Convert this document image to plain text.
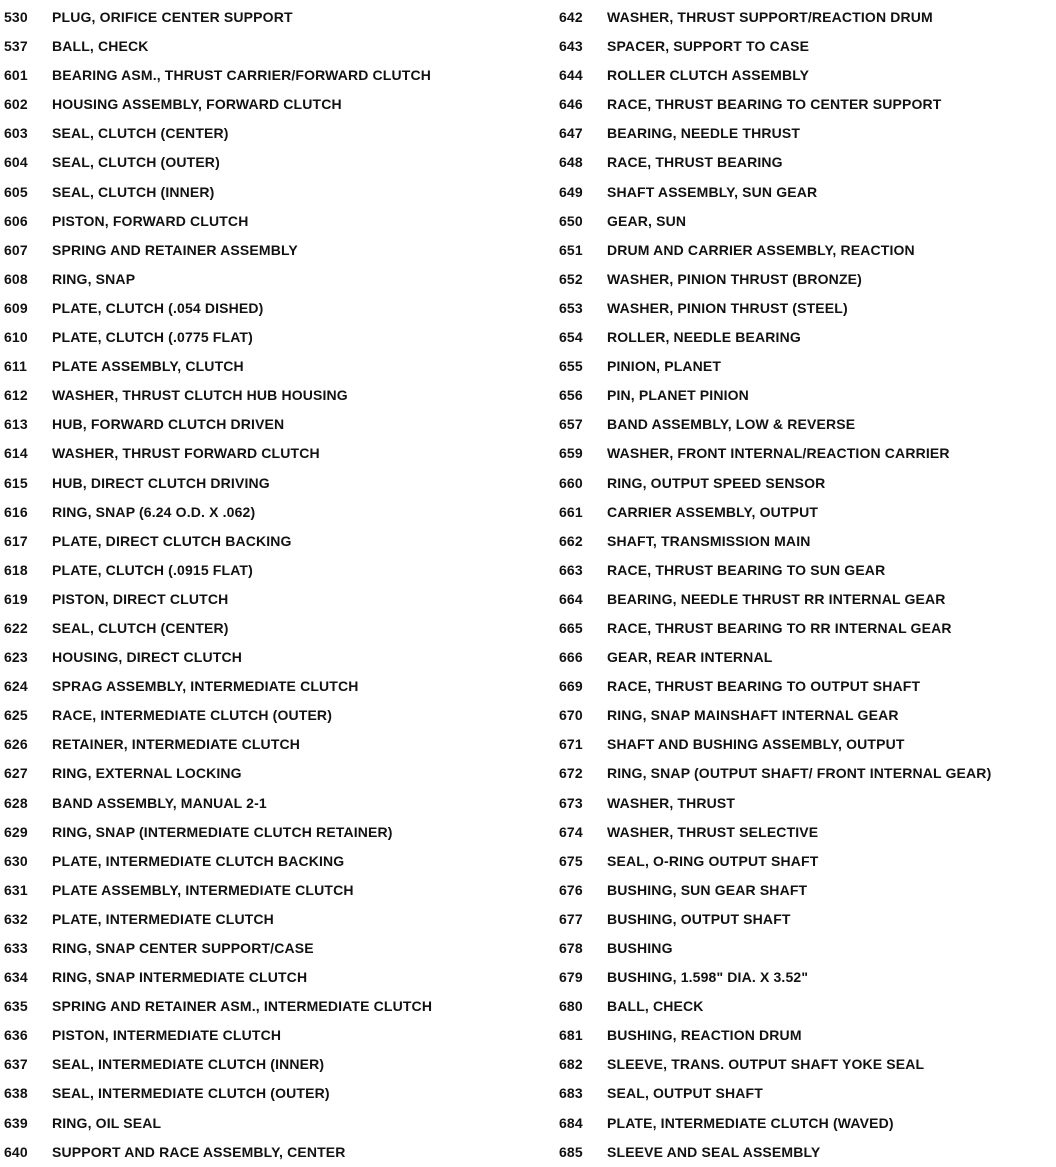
530 PLUG, ORIFICE CENTER SUPPORT
537 BALL, CHECK
601 BEARING ASM., THRUST CARRIER/FORWARD CLUTCH
602 HOUSING ASSEMBLY, FORWARD CLUTCH
603 SEAL, CLUTCH (CENTER)
604 SEAL, CLUTCH (OUTER)
605 SEAL, CLUTCH (INNER)
606 PISTON, FORWARD CLUTCH
607 SPRING AND RETAINER ASSEMBLY
608 RING, SNAP
609 PLATE, CLUTCH (.054 DISHED)
610 PLATE, CLUTCH (.0775 FLAT)
611 PLATE ASSEMBLY, CLUTCH
612 WASHER, THRUST CLUTCH HUB HOUSING
613 HUB, FORWARD CLUTCH DRIVEN
614 WASHER, THRUST FORWARD CLUTCH
615 HUB, DIRECT CLUTCH DRIVING
616 RING, SNAP (6.24 O.D. X .062)
617 PLATE, DIRECT CLUTCH BACKING
618 PLATE, CLUTCH (.0915 FLAT)
619 PISTON, DIRECT CLUTCH
622 SEAL, CLUTCH (CENTER)
623 HOUSING, DIRECT CLUTCH
624 SPRAG ASSEMBLY, INTERMEDIATE CLUTCH
625 RACE, INTERMEDIATE CLUTCH (OUTER)
626 RETAINER, INTERMEDIATE CLUTCH
627 RING, EXTERNAL LOCKING
628 BAND ASSEMBLY, MANUAL 2-1
629 RING, SNAP (INTERMEDIATE CLUTCH RETAINER)
630 PLATE, INTERMEDIATE CLUTCH BACKING
631 PLATE ASSEMBLY, INTERMEDIATE CLUTCH
632 PLATE, INTERMEDIATE CLUTCH
633 RING, SNAP CENTER SUPPORT/CASE
634 RING, SNAP INTERMEDIATE CLUTCH
635 SPRING AND RETAINER ASM., INTERMEDIATE CLUTCH
636 PISTON, INTERMEDIATE CLUTCH
637 SEAL, INTERMEDIATE CLUTCH (INNER)
638 SEAL, INTERMEDIATE CLUTCH (OUTER)
639 RING, OIL SEAL
640 SUPPORT AND RACE ASSEMBLY, CENTER
642 WASHER, THRUST SUPPORT/REACTION DRUM
643 SPACER, SUPPORT TO CASE
644 ROLLER CLUTCH ASSEMBLY
646 RACE, THRUST BEARING TO CENTER SUPPORT
647 BEARING, NEEDLE THRUST
648 RACE, THRUST BEARING
649 SHAFT ASSEMBLY, SUN GEAR
650 GEAR, SUN
651 DRUM AND CARRIER ASSEMBLY, REACTION
652 WASHER, PINION THRUST (BRONZE)
653 WASHER, PINION THRUST (STEEL)
654 ROLLER, NEEDLE BEARING
655 PINION, PLANET
656 PIN, PLANET PINION
657 BAND ASSEMBLY, LOW & REVERSE
659 WASHER, FRONT INTERNAL/REACTION CARRIER
660 RING, OUTPUT SPEED SENSOR
661 CARRIER ASSEMBLY, OUTPUT
662 SHAFT, TRANSMISSION MAIN
663 RACE, THRUST BEARING TO SUN GEAR
664 BEARING, NEEDLE THRUST RR INTERNAL GEAR
665 RACE, THRUST BEARING TO RR INTERNAL GEAR
666 GEAR, REAR INTERNAL
669 RACE, THRUST BEARING TO OUTPUT SHAFT
670 RING, SNAP MAINSHAFT INTERNAL GEAR
671 SHAFT AND BUSHING ASSEMBLY, OUTPUT
672 RING, SNAP (OUTPUT SHAFT/ FRONT INTERNAL GEAR)
673 WASHER, THRUST
674 WASHER, THRUST SELECTIVE
675 SEAL, O-RING OUTPUT SHAFT
676 BUSHING, SUN GEAR SHAFT
677 BUSHING, OUTPUT SHAFT
678 BUSHING
679 BUSHING, 1.598" DIA. X 3.52"
680 BALL, CHECK
681 BUSHING, REACTION DRUM
682 SLEEVE, TRANS. OUTPUT SHAFT YOKE SEAL
683 SEAL, OUTPUT SHAFT
684 PLATE, INTERMEDIATE CLUTCH (WAVED)
685 SLEEVE AND SEAL ASSEMBLY
